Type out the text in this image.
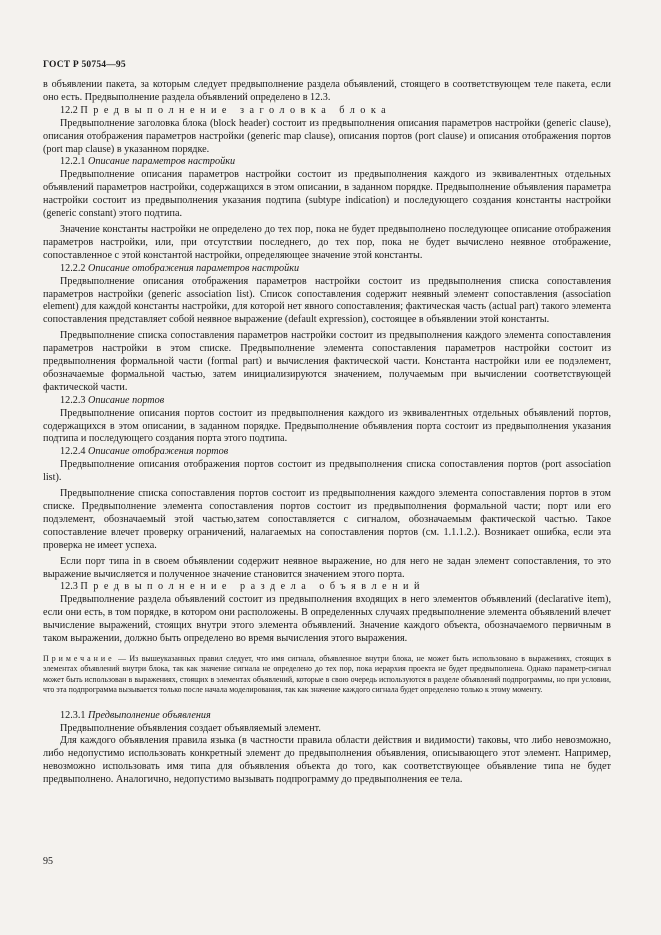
ГОСТ Р 50754—95

в объявлении пакета, за которым следует предвыполнение раздела объявлений, стоящего в соответствующем теле пакета, если оно есть. Предвыполнение раздела объявлений определено в 12.3.

12.2 Предвыполнение заголовка блока

Предвыполнение заголовка блока (block header) состоит из предвыполнения описания параметров настройки (generic clause), описания отображения параметров настройки (generic map clause), описания портов (port clause) и описания отображения портов (port map clause) в указанном порядке.

12.2.1 Описание параметров настройки

Предвыполнение описания параметров настройки состоит из предвыполнения каждого из эквивалентных отдельных объявлений параметров настройки, содержащихся в этом описании, в заданном порядке. Предвыполнение объявления параметра настройки состоит из предвыполнения указания подтипа (subtype indication) и последующего создания константы настройки (generic constant) этого подтипа.

Значение константы настройки не определено до тех пор, пока не будет предвыполнено последующее описание отображения параметров настройки, или, при отсутствии последнего, до тех пор, пока не будет вычислено неявное отображение, сопоставленное с этой константой настройки, определяющее значение этой константы.

12.2.2 Описание отображения параметров настройки

Предвыполнение описания отображения параметров настройки состоит из предвыполнения списка сопоставления параметров настройки (generic association list). Список сопоставления содержит неявный элемент сопоставления (association element) для каждой константы настройки, для которой нет явного сопоставления; фактическая часть (actual part) такого элемента сопоставления представляет собой неявное выражение (default expression), состоящее в объявлении этой константы.

Предвыполнение списка сопоставления параметров настройки состоит из предвыполнения каждого элемента сопоставления параметров настройки в этом списке. Предвыполнение элемента сопоставления параметров настройки состоит из предвыполнения формальной части (formal part) и вычисления фактической части. Константа настройки или ее подэлемент, обозначаемые формальной частью, затем инициализируются значением, получаемым при вычислении соответствующей фактической части.

12.2.3 Описание портов

Предвыполнение описания портов состоит из предвыполнения каждого из эквивалентных отдельных объявлений портов, содержащихся в этом описании, в заданном порядке. Предвыполнение объявления порта состоит из предвыполнения указания подтипа и последующего создания порта этого подтипа.

12.2.4 Описание отображения портов

Предвыполнение описания отображения портов состоит из предвыполнения списка сопоставления портов (port association list).

Предвыполнение списка сопоставления портов состоит из предвыполнения каждого элемента сопоставления портов в этом списке. Предвыполнение элемента сопоставления портов состоит из предвыполнения формальной части; порт или его подэлемент, обозначаемый этой частью,затем сопоставляется с сигналом, обозначаемым фактической частью. Такое сопоставление влечет проверку ограничений, налагаемых на сопоставления портов (см. 1.1.1.2.). Возникает ошибка, если эта проверка не имеет успеха.

Если порт типа in в своем объявлении содержит неявное выражение, но для него не задан элемент сопоставления, то это выражение вычисляется и полученное значение становится значением этого порта.

12.3 Предвыполнение раздела объявлений

Предвыполнение раздела объявлений состоит из предвыполнения входящих в него элементов объявлений (declarative item), если они есть, в том порядке, в котором они расположены. В определенных случаях предвыполнение элемента объявлений влечет вычисление выражений, стоящих внутри этого элемента объявлений. Значение каждого объекта, обозначаемого первичным в таком выражении, должно быть определено во время вычисления этого выражения.

Примечание — Из вышеуказанных правил следует, что имя сигнала, объявленное внутри блока, не может быть использовано в выражениях, стоящих в элементах объявлений внутри блока, так как значение сигнала не определено до тех пор, пока иерархия проекта не будет предвыполнена. Однако параметр-сигнал может быть использован в выражениях, стоящих в элементах объявлений, которые в свою очередь используются в разделе объявлений подпрограммы, но при условии, что эта подпрограмма вызывается только после начала моделирования, так как значение каждого сигнала будет определено только к этому моменту.

12.3.1 Предвыполнение объявления

Предвыполнение объявления создает объявляемый элемент.

Для каждого объявления правила языка (в частности правила области действия и видимости) таковы, что либо невозможно, либо недопустимо использовать конкретный элемент до предвыполнения объявления, описывающего этот элемент. Например, невозможно использовать имя типа для объявления объекта до того, как соответствующее объявление типа не будет предвыполнено. Аналогично, недопустимо вызывать подпрограмму до предвыполнения ее тела.

95
